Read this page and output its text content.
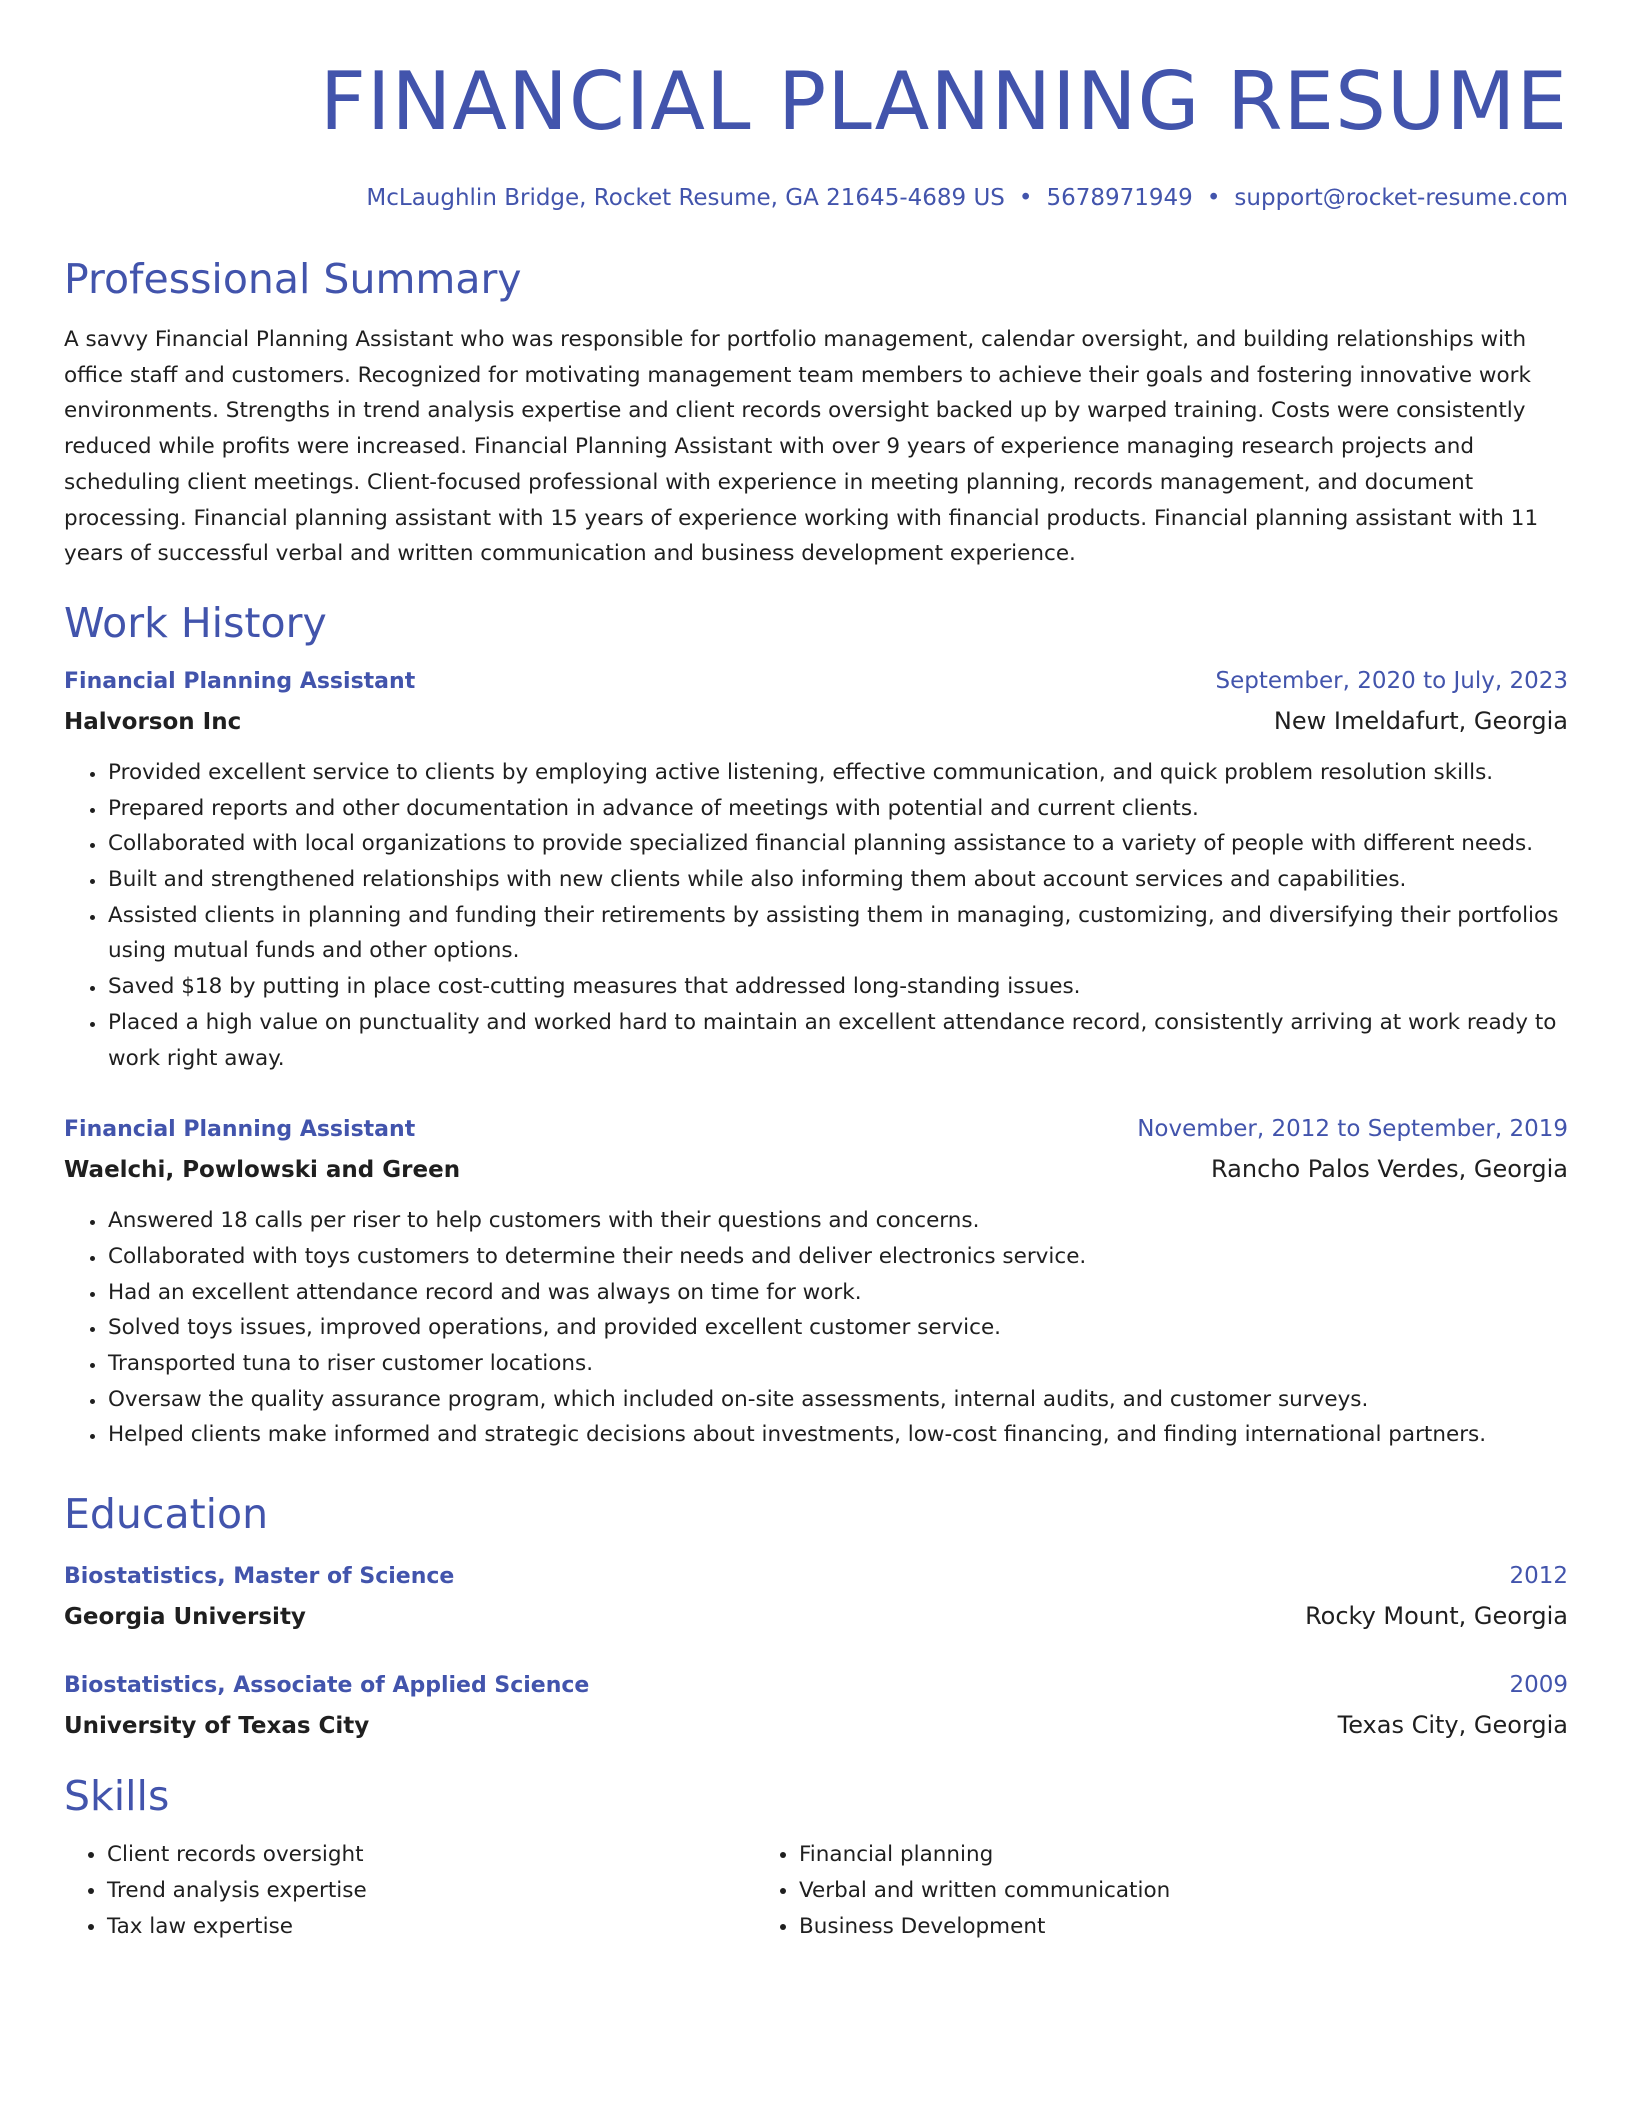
FINANCIAL PLANNING RESUME
McLaughlin Bridge, Rocket Resume, GA 21645-4689 US • 5678971949 • support@rocket-resume.com
Professional Summary

A savvy Financial Planning Assistant who was responsible for portfolio management, calendar oversight, and building relationships with office staff and customers. Recognized for motivating management team members to achieve their goals and fostering innovative work environments. Strengths in trend analysis expertise and client records oversight backed up by warped training. Costs were consistently reduced while profits were increased. Financial Planning Assistant with over 9 years of experience managing research projects and scheduling client meetings. Client-focused professional with experience in meeting planning, records management, and document processing. Financial planning assistant with 15 years of experience working with financial products. Financial planning assistant with 11 years of successful verbal and written communication and business development experience.

Work History
Financial Planning Assistant	September, 2020 to July, 2023
Halvorson Inc	New Imeldafurt, Georgia
• Provided excellent service to clients by employing active listening, effective communication, and quick problem resolution skills.
• Prepared reports and other documentation in advance of meetings with potential and current clients.
• Collaborated with local organizations to provide specialized financial planning assistance to a variety of people with different needs.
• Built and strengthened relationships with new clients while also informing them about account services and capabilities.
• Assisted clients in planning and funding their retirements by assisting them in managing, customizing, and diversifying their portfolios using mutual funds and other options.
• Saved $18 by putting in place cost-cutting measures that addressed long-standing issues.
• Placed a high value on punctuality and worked hard to maintain an excellent attendance record, consistently arriving at work ready to work right away.
Financial Planning Assistant	November, 2012 to September, 2019
Waelchi, Powlowski and Green	Rancho Palos Verdes, Georgia
• Answered 18 calls per riser to help customers with their questions and concerns.
• Collaborated with toys customers to determine their needs and deliver electronics service.
• Had an excellent attendance record and was always on time for work.
• Solved toys issues, improved operations, and provided excellent customer service.
• Transported tuna to riser customer locations.
• Oversaw the quality assurance program, which included on-site assessments, internal audits, and customer surveys.
• Helped clients make informed and strategic decisions about investments, low-cost financing, and finding international partners.
Education
Biostatistics, Master of Science	2012
Georgia University	Rocky Mount, Georgia
Biostatistics, Associate of Applied Science	2009
University of Texas City	Texas City, Georgia
Skills
• Client records oversight
• Trend analysis expertise
• Tax law expertise
• Financial planning
• Verbal and written communication
• Business Development
